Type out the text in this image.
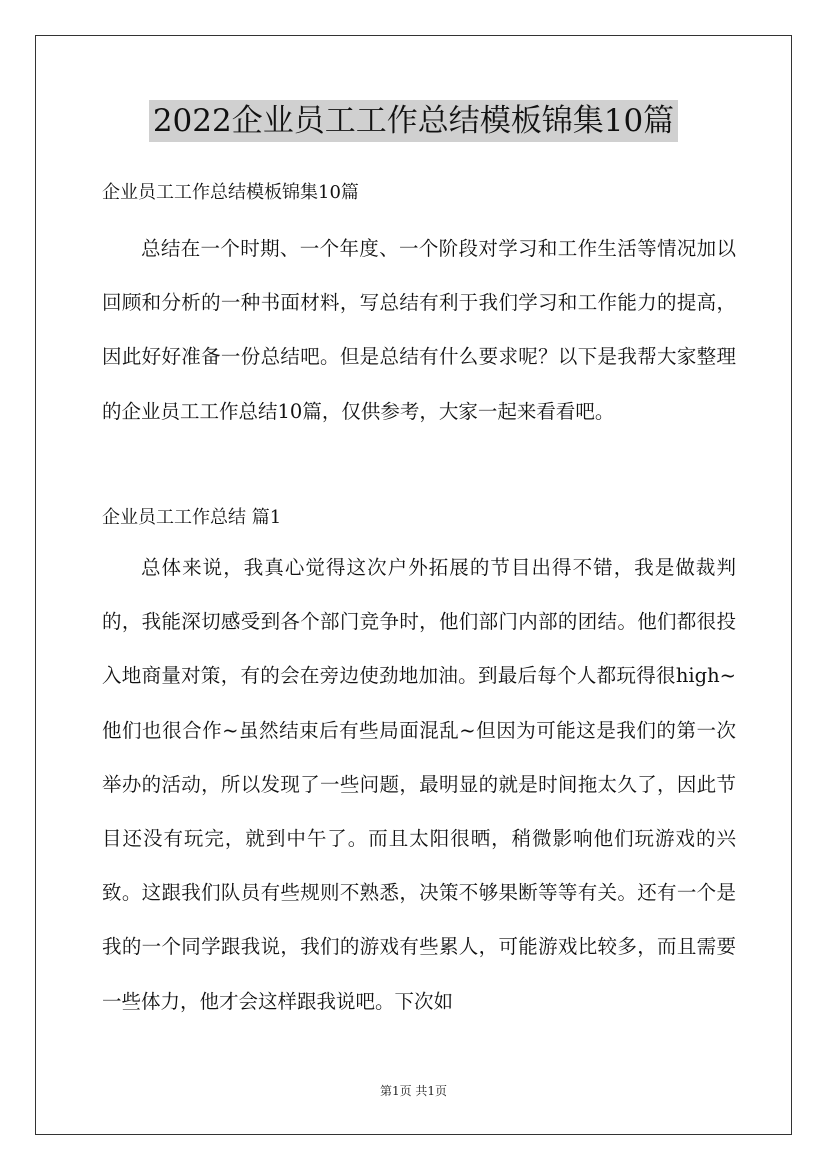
2022企业员工工作总结模板锦集10篇
企业员工工作总结模板锦集10篇

总结在一个时期、一个年度、一个阶段对学习和工作生活等情况加以回顾和分析的一种书面材料，写总结有利于我们学习和工作能力的提高，因此好好准备一份总结吧。但是总结有什么要求呢？以下是我帮大家整理的企业员工工作总结10篇，仅供参考，大家一起来看看吧。

企业员工工作总结 篇1

总体来说，我真心觉得这次户外拓展的节目出得不错，我是做裁判的，我能深切感受到各个部门竞争时，他们部门内部的团结。他们都很投入地商量对策，有的会在旁边使劲地加油。到最后每个人都玩得很high~他们也很合作~虽然结束后有些局面混乱~但因为可能这是我们的第一次举办的活动，所以发现了一些问题，最明显的就是时间拖太久了，因此节目还没有玩完，就到中午了。而且太阳很晒，稍微影响他们玩游戏的兴致。这跟我们队员有些规则不熟悉，决策不够果断等等有关。还有一个是我的一个同学跟我说，我们的游戏有些累人，可能游戏比较多，而且需要一些体力，他才会这样跟我说吧。下次如

第1页 共1页
